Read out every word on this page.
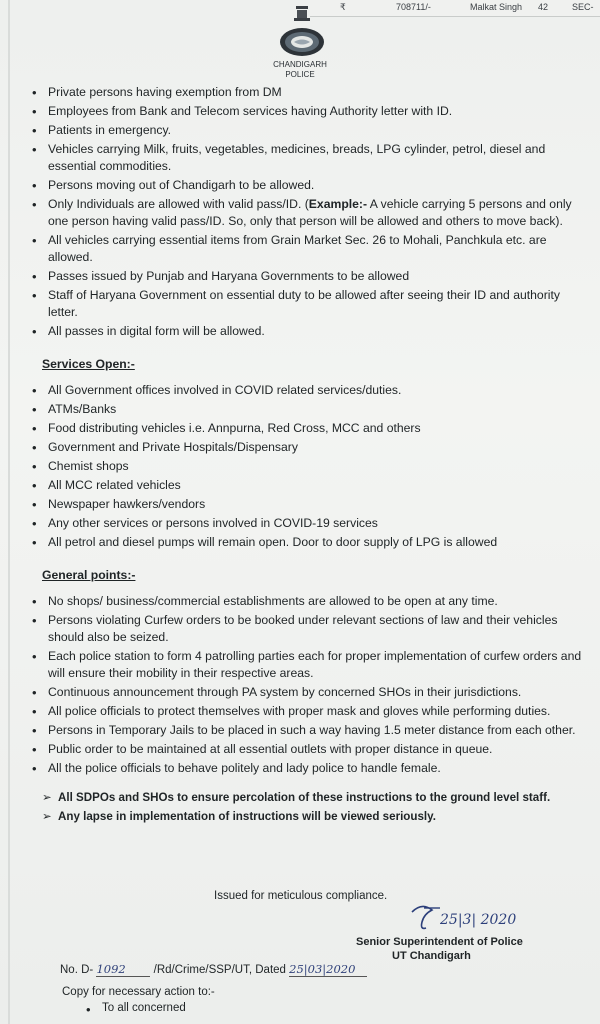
SEC-
42
Malkat Singh
708711/-
₹
CHANDIGARH
POLICE
• Private persons having exemption from DM
• Employees from Bank and Telecom services having Authority letter with ID.
• Patients in emergency.
• Vehicles carrying Milk, fruits, vegetables, medicines, breads, LPG cylinder, petrol, diesel and essential commodities.
• Persons moving out of Chandigarh to be allowed.
• Only Individuals are allowed with valid pass/ID. (Example:- A vehicle carrying 5 persons and only one person having valid pass/ID. So, only that person will be allowed and others to move back).
• All vehicles carrying essential items from Grain Market Sec. 26 to Mohali, Panchkula etc. are allowed.
• Passes issued by Punjab and Haryana Governments to be allowed
• Staff of Haryana Government on essential duty to be allowed after seeing their ID and authority letter.
• All passes in digital form will be allowed.
Services Open:-
• All Government offices involved in COVID related services/duties.
• ATMs/Banks
• Food distributing vehicles i.e. Annpurna, Red Cross, MCC and others
• Government and Private Hospitals/Dispensary
• Chemist shops
• All MCC related vehicles
• Newspaper hawkers/vendors
• Any other services or persons involved in COVID-19 services
• All petrol and diesel pumps will remain open. Door to door supply of LPG is allowed
General points:-
• No shops/ business/commercial establishments are allowed to be open at any time.
• Persons violating Curfew orders to be booked under relevant sections of law and their vehicles should also be seized.
• Each police station to form 4 patrolling parties each for proper implementation of curfew orders and will ensure their mobility in their respective areas.
• Continuous announcement through PA system by concerned SHOs in their jurisdictions.
• All police officials to protect themselves with proper mask and gloves while performing duties.
• Persons in Temporary Jails to be placed in such a way having 1.5 meter distance from each other.
• Public order to be maintained at all essential outlets with proper distance in queue.
• All the police officials to behave politely and lady police to handle female.
➢ All SDPOs and SHOs to ensure percolation of these instructions to the ground level staff.
➢ Any lapse in implementation of instructions will be viewed seriously.
Issued for meticulous compliance.
25|3| 2020
Senior Superintendent of Police
UT Chandigarh
No. D- 1092 /Rd/Crime/SSP/UT, Dated 25|03|2020
Copy for necessary action to:-
• To all concerned
